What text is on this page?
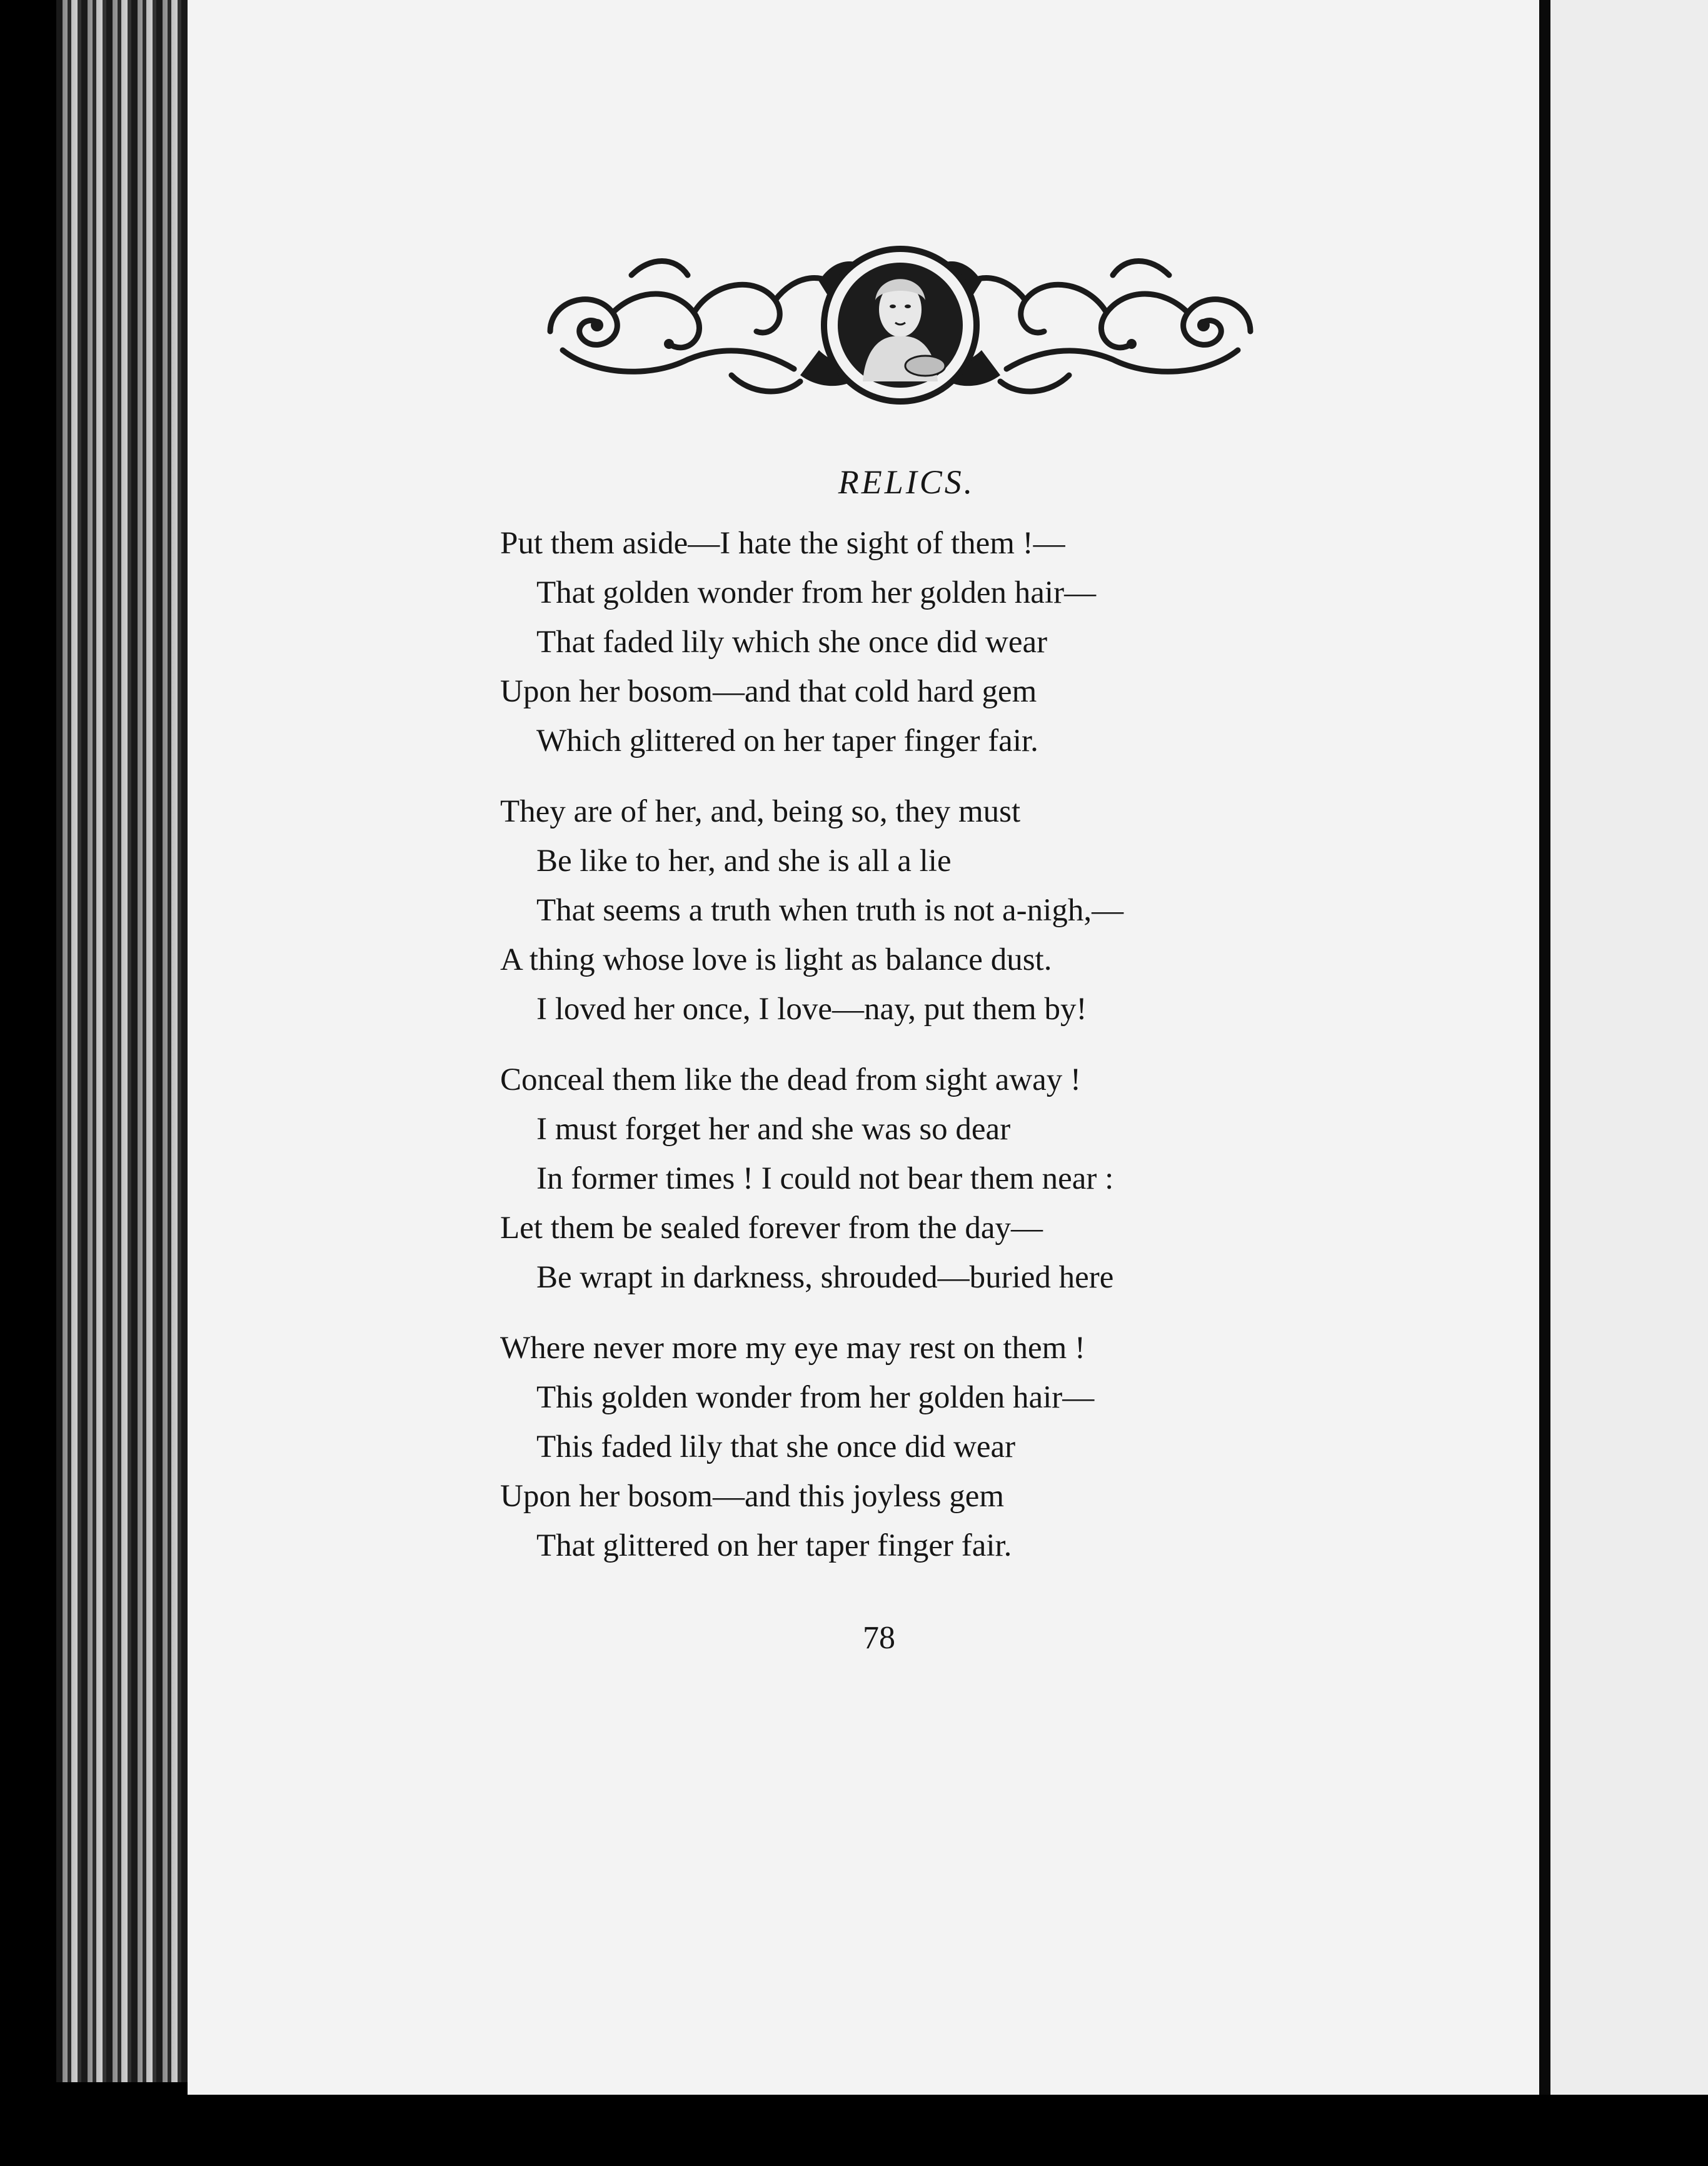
RELICS.
Put them aside—I hate the sight of them !—
That golden wonder from her golden hair—
That faded lily which she once did wear
Upon her bosom—and that cold hard gem
Which glittered on her taper finger fair.
They are of her, and, being so, they must
Be like to her, and she is all a lie
That seems a truth when truth is not a-nigh,—
A thing whose love is light as balance dust.
I loved her once, I love—nay, put them by!
Conceal them like the dead from sight away !
I must forget her and she was so dear
In former times ! I could not bear them near :
Let them be sealed forever from the day—
Be wrapt in darkness, shrouded—buried here
Where never more my eye may rest on them !
This golden wonder from her golden hair—
This faded lily that she once did wear
Upon her bosom—and this joyless gem
That glittered on her taper finger fair.
78
